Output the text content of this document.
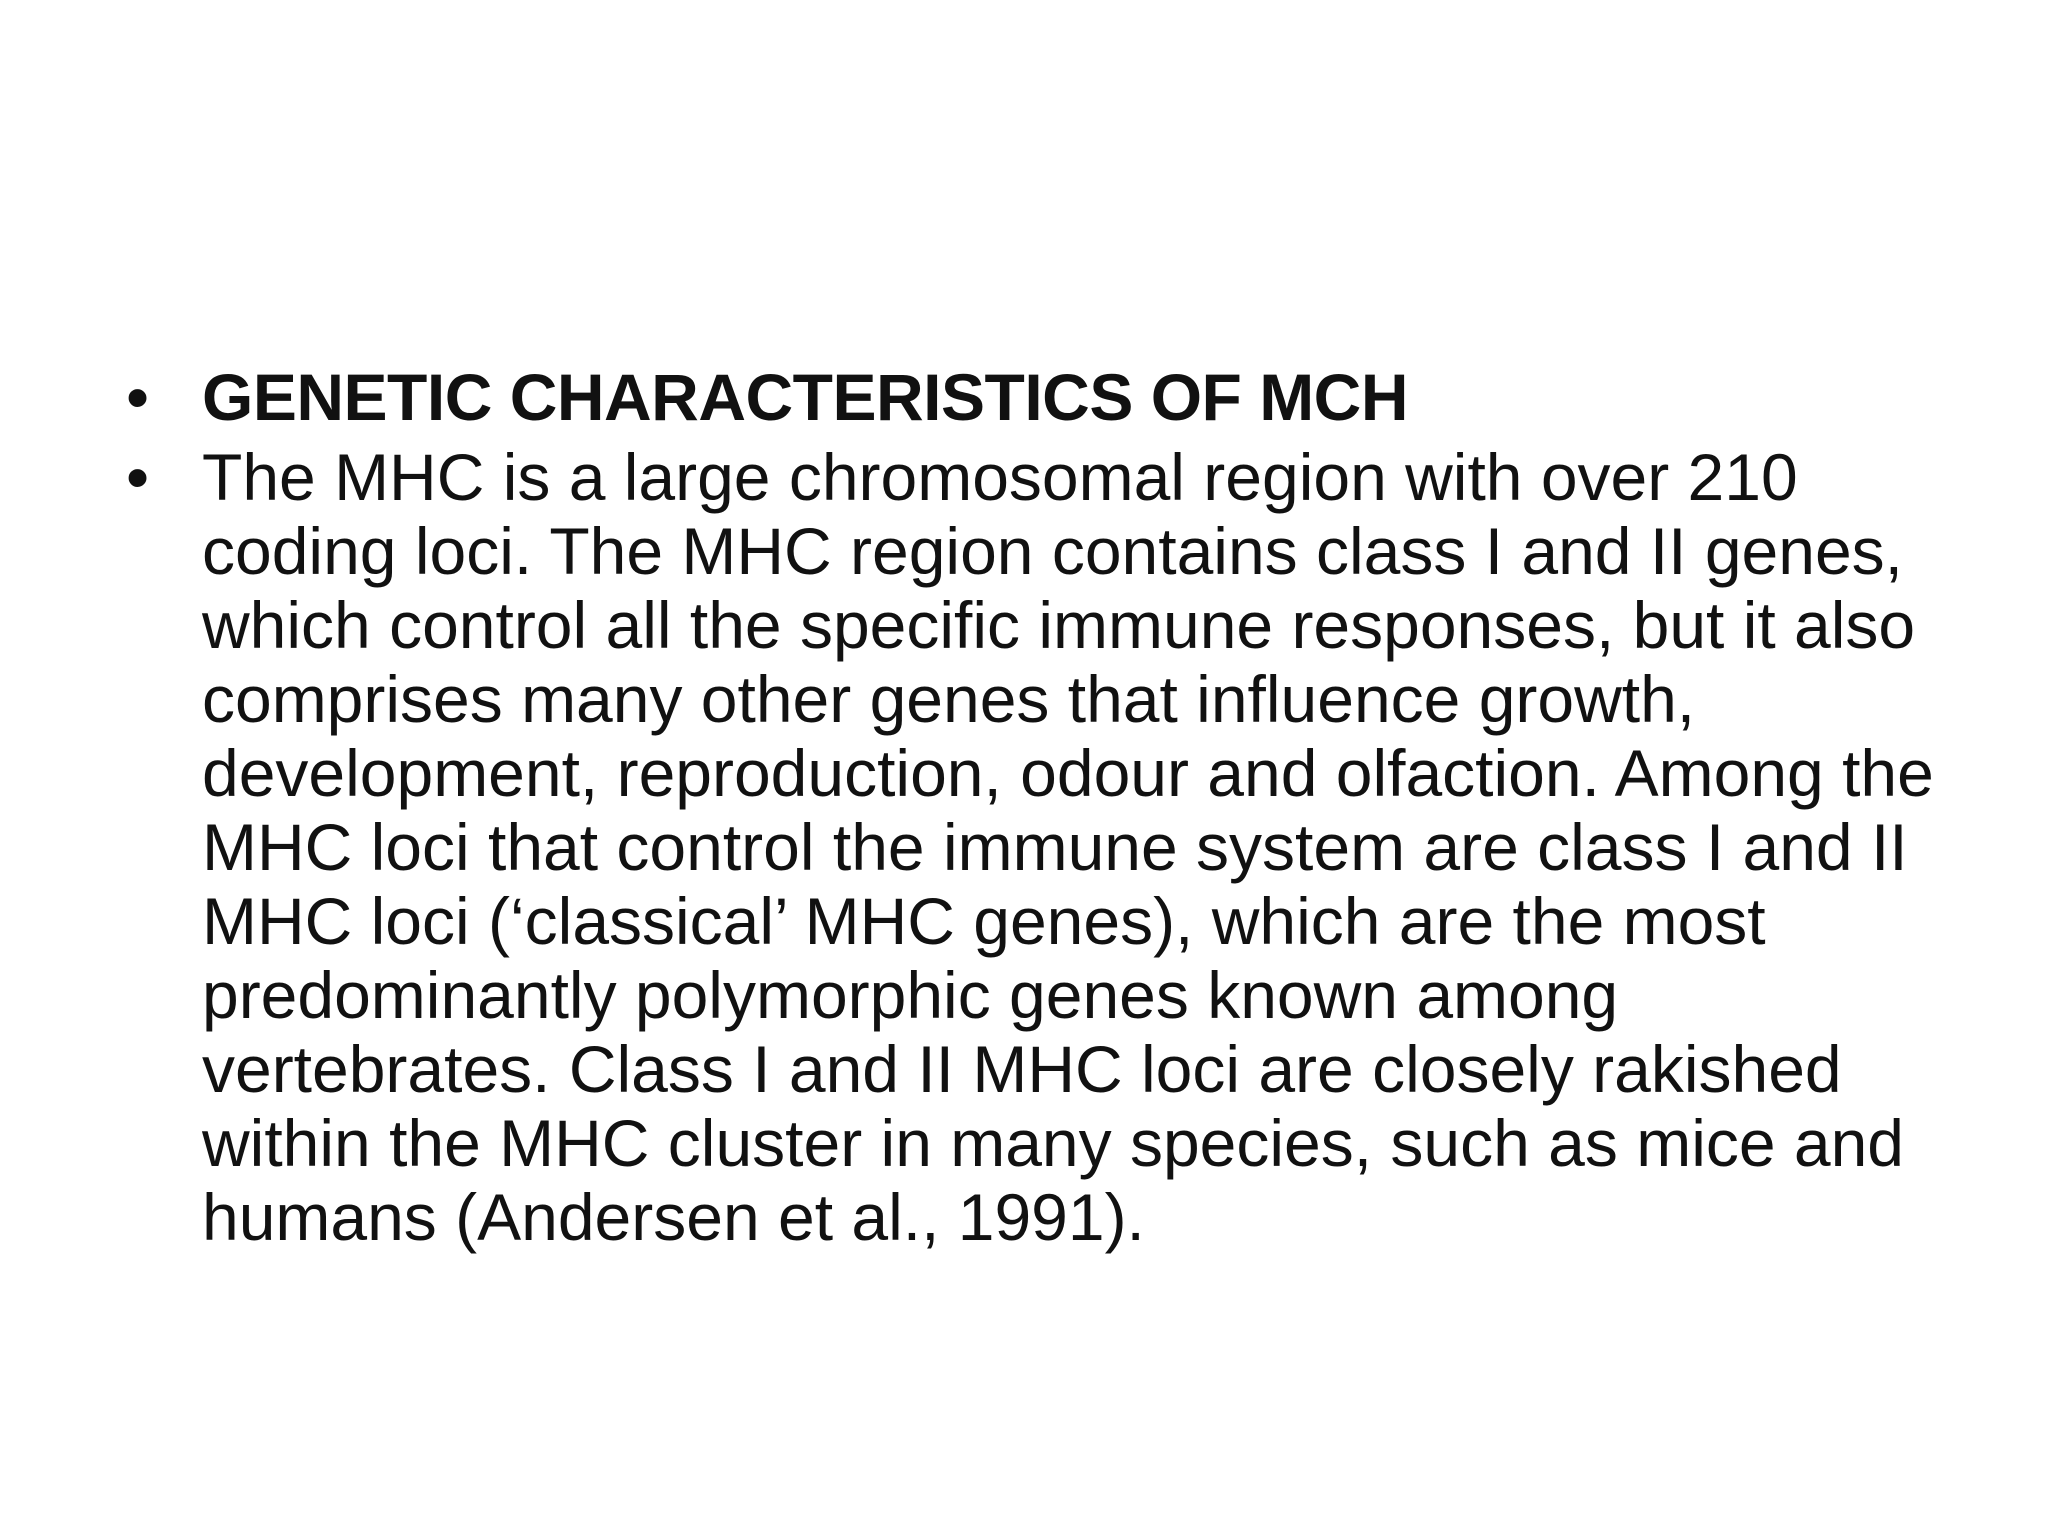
• GENETIC CHARACTERISTICS OF MCH
• The MHC is a large chromosomal region with over 210 coding loci. The MHC region contains class I and II genes, which control all the specific immune responses, but it also comprises many other genes that influence growth, development, reproduction, odour and olfaction. Among the MHC loci that control the immune system are class I and II MHC loci (‘classical’ MHC genes), which are the most predominantly polymorphic genes known among vertebrates. Class I and II MHC loci are closely rakished within the MHC cluster in many species, such as mice and humans (Andersen et al., 1991).
